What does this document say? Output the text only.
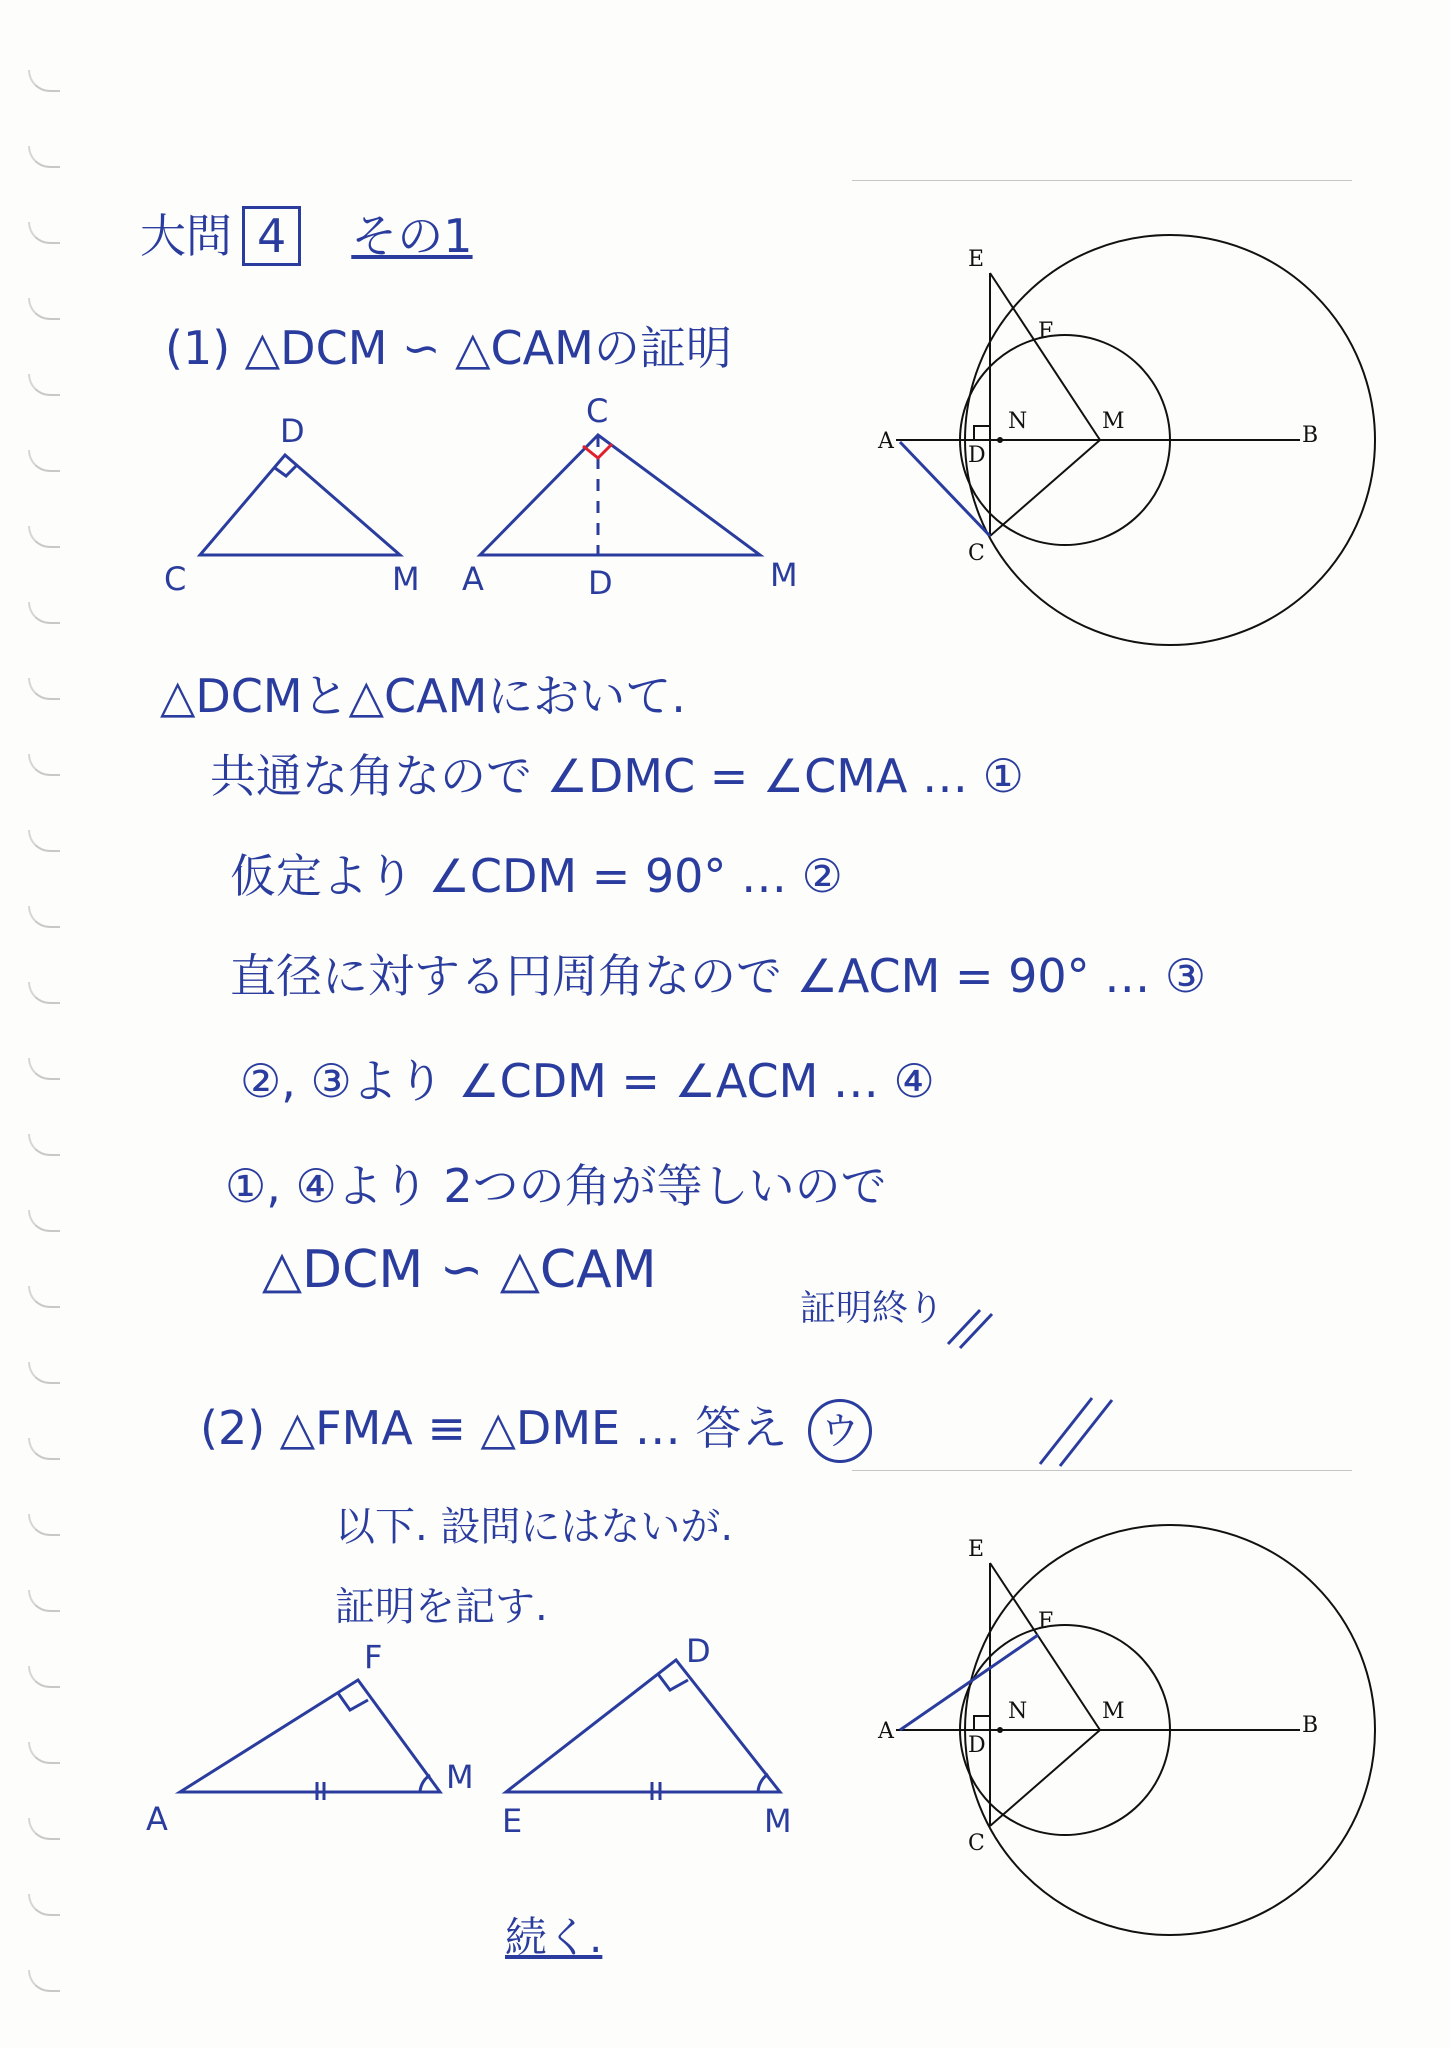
大問 4 その1
(1) △DCM ∽ △CAMの証明
D
C	M
C
A	D	M
△DCMと△CAMにおいて.
共通な角なので ∠DMC = ∠CMA … ①
仮定より ∠CDM = 90° … ②
直径に対する円周角なので ∠ACM = 90° … ③
②, ③より ∠CDM = ∠ACM … ④
①, ④より 2つの角が等しいので
△DCM ∽ △CAM
証明終り
(2) △FMA ≡ △DME … 答え ウ
以下. 設問にはないが.
証明を記す.
F
A
M
D
E	M
続く.
E
F
A
N	M
B
D
C
E
F
A
N	M
B
D
C
